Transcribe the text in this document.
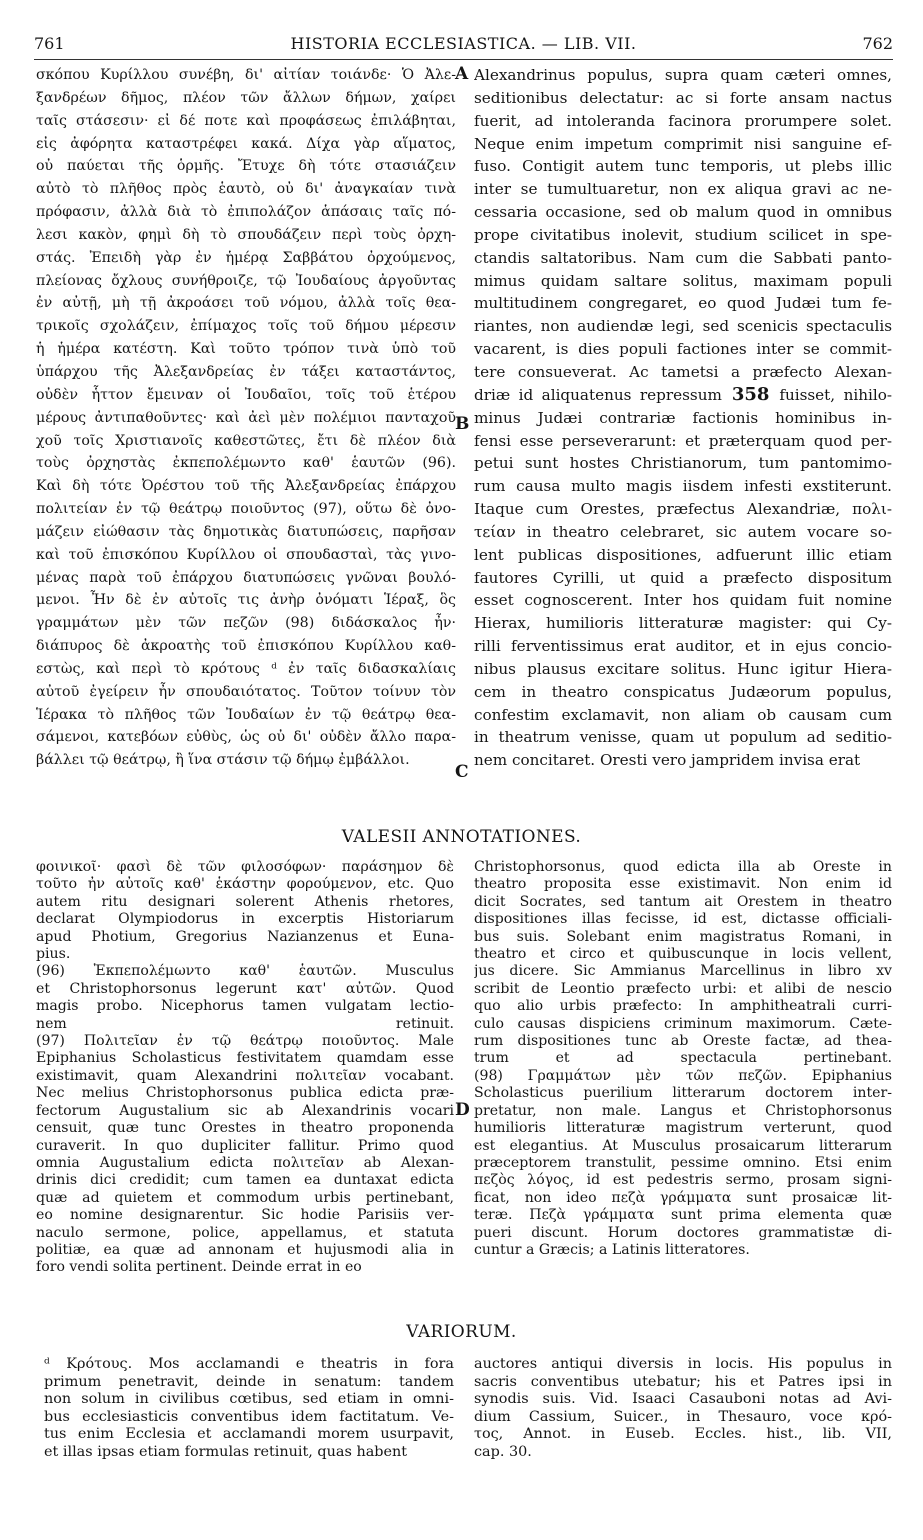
761	HISTORIA ECCLESIASTICA. — LIB. VII.	762
σκόπου Κυρίλλου συνέβη, δι' αἰτίαν τοιάνδε· Ὁ Ἀλε-
ξανδρέων δῆμος, πλέον τῶν ἄλλων δήμων, χαίρει
ταῖς στάσεσιν· εἰ δέ ποτε καὶ προφάσεως ἐπιλάβηται,
εἰς ἀφόρητα καταστρέφει κακά. Δίχα γὰρ αἵματος,
οὐ παύεται τῆς ὁρμῆς. Ἔτυχε δὴ τότε στασιάζειν
αὐτὸ τὸ πλῆθος πρὸς ἑαυτὸ, οὐ δι' ἀναγκαίαν τινὰ
πρόφασιν, ἀλλὰ διὰ τὸ ἐπιπολάζον ἁπάσαις ταῖς πό-
λεσι κακὸν, φημὶ δὴ τὸ σπουδάζειν περὶ τοὺς ὀρχη-
στάς. Ἐπειδὴ γὰρ ἐν ἡμέρᾳ Σαββάτου ὀρχούμενος,
πλείονας ὄχλους συνήθροιζε, τῷ Ἰουδαίους ἀργοῦντας
ἐν αὐτῇ, μὴ τῇ ἀκροάσει τοῦ νόμου, ἀλλὰ τοῖς θεα-
τρικοῖς σχολάζειν, ἐπίμαχος τοῖς τοῦ δήμου μέρεσιν
ἡ ἡμέρα κατέστη. Καὶ τοῦτο τρόπον τινὰ ὑπὸ τοῦ
ὑπάρχου τῆς Ἀλεξανδρείας ἐν τάξει καταστάντος,
οὐδὲν ἧττον ἔμειναν οἱ Ἰουδαῖοι, τοῖς τοῦ ἑτέρου
μέρους ἀντιπαθοῦντες· καὶ ἀεὶ μὲν πολέμιοι πανταχοῦ
χοῦ τοῖς Χριστιανοῖς καθεστῶτες, ἔτι δὲ πλέον διὰ
τοὺς ὀρχηστὰς ἐκπεπολέμωντο καθ' ἑαυτῶν (96).
Καὶ δὴ τότε Ὀρέστου τοῦ τῆς Ἀλεξανδρείας ἐπάρχου
πολιτείαν ἐν τῷ θεάτρῳ ποιοῦντος (97), οὕτω δὲ ὀνο-
μάζειν εἰώθασιν τὰς δημοτικὰς διατυπώσεις, παρῆσαν
καὶ τοῦ ἐπισκόπου Κυρίλλου οἱ σπουδασταὶ, τὰς γινο-
μένας παρὰ τοῦ ἐπάρχου διατυπώσεις γνῶναι βουλό-
μενοι. Ἦν δὲ ἐν αὐτοῖς τις ἀνὴρ ὀνόματι Ἱέραξ, ὃς
γραμμάτων μὲν τῶν πεζῶν (98) διδάσκαλος ἦν·
διάπυρος δὲ ἀκροατὴς τοῦ ἐπισκόπου Κυρίλλου καθ-
εστὼς, καὶ περὶ τὸ κρότους ᵈ ἐν ταῖς διδασκαλίαις
αὐτοῦ ἐγείρειν ἦν σπουδαιότατος. Τοῦτον τοίνυν τὸν
Ἱέρακα τὸ πλῆθος τῶν Ἰουδαίων ἐν τῷ θεάτρῳ θεα-
σάμενοι, κατεβόων εὐθὺς, ὡς οὐ δι' οὐδὲν ἄλλο παρα-
βάλλει τῷ θεάτρῳ, ἢ ἵνα στάσιν τῷ δήμῳ ἐμβάλλοι.
Alexandrinus populus, supra quam cæteri omnes,
seditionibus delectatur: ac si forte ansam nactus
fuerit, ad intoleranda facinora prorumpere solet.
Neque enim impetum comprimit nisi sanguine ef-
fuso. Contigit autem tunc temporis, ut plebs illic
inter se tumultuaretur, non ex aliqua gravi ac ne-
cessaria occasione, sed ob malum quod in omnibus
prope civitatibus inolevit, studium scilicet in spe-
ctandis saltatoribus. Nam cum die Sabbati panto-
mimus quidam saltare solitus, maximam populi
multitudinem congregaret, eo quod Judæi tum fe-
riantes, non audiendæ legi, sed scenicis spectaculis
vacarent, is dies populi factiones inter se commit-
tere consueverat. Ac tametsi a præfecto Alexan-
driæ id aliquatenus repressum 358 fuisset, nihilo-
minus Judæi contrariæ factionis hominibus in-
fensi esse perseverarunt: et præterquam quod per-
petui sunt hostes Christianorum, tum pantomimo-
rum causa multo magis iisdem infesti exstiterunt.
Itaque cum Orestes, præfectus Alexandriæ, πολι-
τείαν in theatro celebraret, sic autem vocare so-
lent publicas dispositiones, adfuerunt illic etiam
fautores Cyrilli, ut quid a præfecto dispositum
esset cognoscerent. Inter hos quidam fuit nomine
Hierax, humilioris litteraturæ magister: qui Cy-
rilli ferventissimus erat auditor, et in ejus concio-
nibus plausus excitare solitus. Hunc igitur Hiera-
cem in theatro conspicatus Judæorum populus,
confestim exclamavit, non aliam ob causam cum
in theatrum venisse, quam ut populum ad seditio-
nem concitaret. Oresti vero jampridem invisa erat
A
B
C
D
VALESII ANNOTATIONES.
φοινικοῖ· φασὶ δὲ τῶν φιλοσόφων· παράσημον δὲ
τοῦτο ἦν αὐτοῖς καθ' ἑκάστην φορούμενον, etc. Quo
autem ritu designari solerent Athenis rhetores,
declarat Olympiodorus in excerptis Historiarum
apud Photium, Gregorius Nazianzenus et Euna-
pius.
(96) Ἐκπεπολέμωντο καθ' ἑαυτῶν. Musculus
et Christophorsonus legerunt κατ' αὐτῶν. Quod
magis probo. Nicephorus tamen vulgatam lectio-
nem retinuit.
(97) Πολιτεῖαν ἐν τῷ θεάτρῳ ποιοῦντος. Male
Epiphanius Scholasticus festivitatem quamdam esse
existimavit, quam Alexandrini πολιτεῖαν vocabant.
Nec melius Christophorsonus publica edicta præ-
fectorum Augustalium sic ab Alexandrinis vocari
censuit, quæ tunc Orestes in theatro proponenda
curaverit. In quo dupliciter fallitur. Primo quod
omnia Augustalium edicta πολιτεῖαν ab Alexan-
drinis dici credidit; cum tamen ea duntaxat edicta
quæ ad quietem et commodum urbis pertinebant,
eo nomine designarentur. Sic hodie Parisiis ver-
naculo sermone, police, appellamus, et statuta
politiæ, ea quæ ad annonam et hujusmodi alia in
foro vendi solita pertinent. Deinde errat in eo
Christophorsonus, quod edicta illa ab Oreste in
theatro proposita esse existimavit. Non enim id
dicit Socrates, sed tantum ait Orestem in theatro
dispositiones illas fecisse, id est, dictasse officiali-
bus suis. Solebant enim magistratus Romani, in
theatro et circo et quibuscunque in locis vellent,
jus dicere. Sic Ammianus Marcellinus in libro xv
scribit de Leontio præfecto urbi: et alibi de nescio
quo alio urbis præfecto: In amphitheatrali curri-
culo causas dispiciens criminum maximorum. Cæte-
rum dispositiones tunc ab Oreste factæ, ad thea-
trum et ad spectacula pertinebant.
(98) Γραμμάτων μὲν τῶν πεζῶν. Epiphanius
Scholasticus puerilium litterarum doctorem inter-
pretatur, non male. Langus et Christophorsonus
humilioris litteraturæ magistrum verterunt, quod
est elegantius. At Musculus prosaicarum litterarum
præceptorem transtulit, pessime omnino. Etsi enim
πεζὸς λόγος, id est pedestris sermo, prosam signi-
ficat, non ideo πεζὰ γράμματα sunt prosaicæ lit-
teræ. Πεζὰ γράμματα sunt prima elementa quæ
pueri discunt. Horum doctores grammatistæ di-
cuntur a Græcis; a Latinis litteratores.
VARIORUM.
ᵈ Κρότους. Mos acclamandi e theatris in fora
primum penetravit, deinde in senatum: tandem
non solum in civilibus cœtibus, sed etiam in omni-
bus ecclesiasticis conventibus idem factitatum. Ve-
tus enim Ecclesia et acclamandi morem usurpavit,
et illas ipsas etiam formulas retinuit, quas habent
auctores antiqui diversis in locis. His populus in
sacris conventibus utebatur; his et Patres ipsi in
synodis suis. Vid. Isaaci Casauboni notas ad Avi-
dium Cassium, Suicer., in Thesauro, voce κρό-
τος, Annot. in Euseb. Eccles. hist., lib. VII,
cap. 30.
